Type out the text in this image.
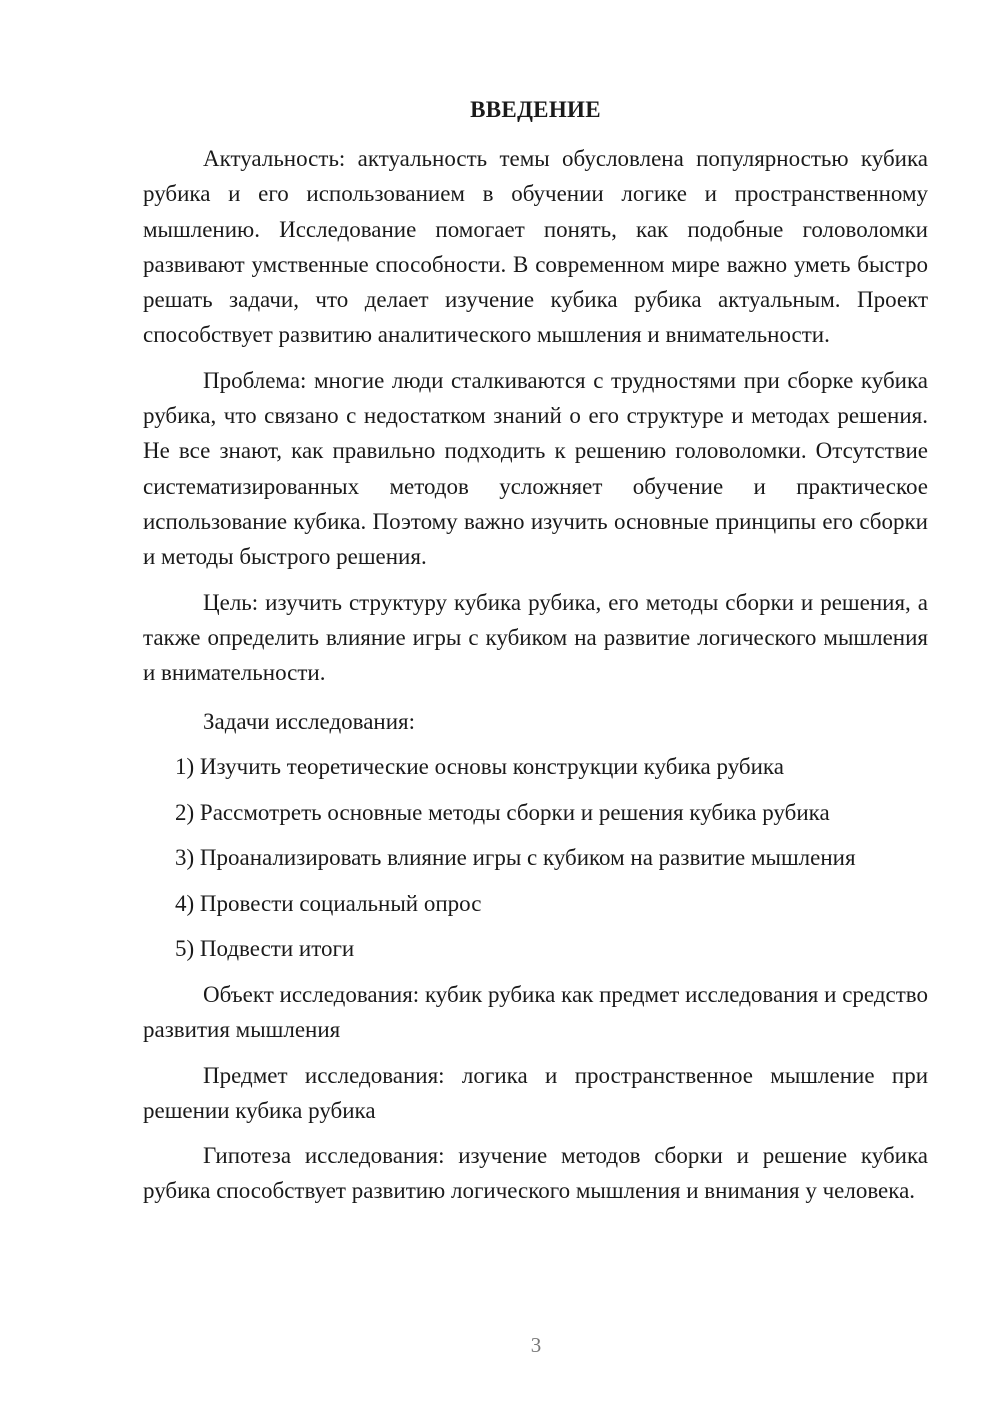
ВВЕДЕНИЕ

Актуальность: актуальность темы обусловлена популярностью кубика рубика и его использованием в обучении логике и пространственному мышлению. Исследование помогает понять, как подобные головоломки развивают умственные способности. В современном мире важно уметь быстро решать задачи, что делает изучение кубика рубика актуальным. Проект способствует развитию аналитического мышления и внимательности.

Проблема: многие люди сталкиваются с трудностями при сборке кубика рубика, что связано с недостатком знаний о его структуре и методах решения. Не все знают, как правильно подходить к решению головоломки. Отсутствие систематизированных методов усложняет обучение и практическое использование кубика. Поэтому важно изучить основные принципы его сборки и методы быстрого решения.

Цель: изучить структуру кубика рубика, его методы сборки и решения, а также определить влияние игры с кубиком на развитие логического мышления и внимательности.

Задачи исследования:

1) Изучить теоретические основы конструкции кубика рубика
2) Рассмотреть основные методы сборки и решения кубика рубика
3) Проанализировать влияние игры с кубиком на развитие мышления
4) Провести социальный опрос
5) Подвести итоги

Объект исследования: кубик рубика как предмет исследования и средство развития мышления

Предмет исследования: логика и пространственное мышление при решении кубика рубика

Гипотеза исследования: изучение методов сборки и решение кубика рубика способствует развитию логического мышления и внимания у человека.

3
